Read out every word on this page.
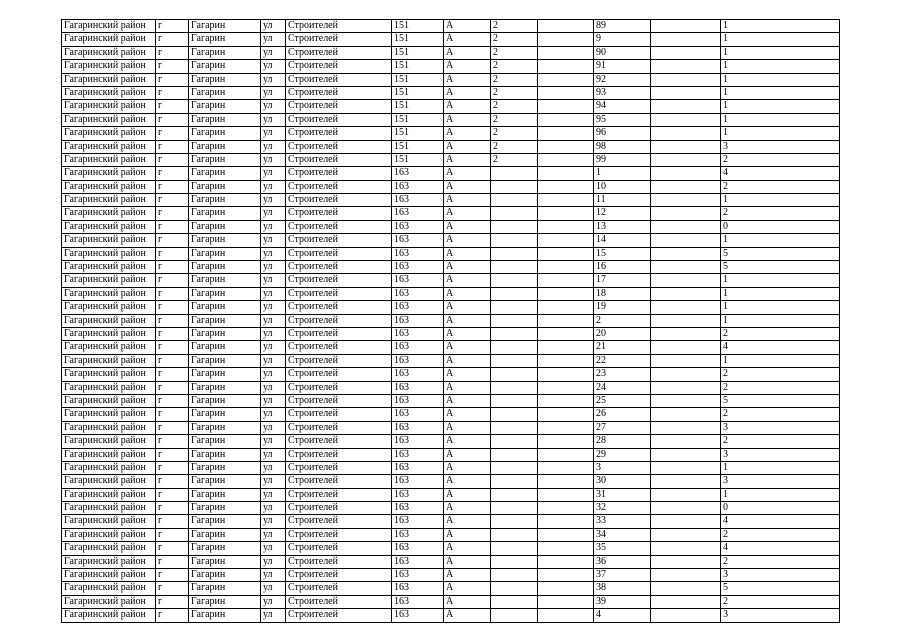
Гагаринский район	г	Гагарин	ул	Строителей	151	А	2		89		1
Гагаринский район	г	Гагарин	ул	Строителей	151	А	2		9		1
Гагаринский район	г	Гагарин	ул	Строителей	151	А	2		90		1
Гагаринский район	г	Гагарин	ул	Строителей	151	А	2		91		1
Гагаринский район	г	Гагарин	ул	Строителей	151	А	2		92		1
Гагаринский район	г	Гагарин	ул	Строителей	151	А	2		93		1
Гагаринский район	г	Гагарин	ул	Строителей	151	А	2		94		1
Гагаринский район	г	Гагарин	ул	Строителей	151	А	2		95		1
Гагаринский район	г	Гагарин	ул	Строителей	151	А	2		96		1
Гагаринский район	г	Гагарин	ул	Строителей	151	А	2		98		3
Гагаринский район	г	Гагарин	ул	Строителей	151	А	2		99		2
Гагаринский район	г	Гагарин	ул	Строителей	163	А			1		4
Гагаринский район	г	Гагарин	ул	Строителей	163	А			10		2
Гагаринский район	г	Гагарин	ул	Строителей	163	А			11		1
Гагаринский район	г	Гагарин	ул	Строителей	163	А			12		2
Гагаринский район	г	Гагарин	ул	Строителей	163	А			13		0
Гагаринский район	г	Гагарин	ул	Строителей	163	А			14		1
Гагаринский район	г	Гагарин	ул	Строителей	163	А			15		5
Гагаринский район	г	Гагарин	ул	Строителей	163	А			16		5
Гагаринский район	г	Гагарин	ул	Строителей	163	А			17		1
Гагаринский район	г	Гагарин	ул	Строителей	163	А			18		1
Гагаринский район	г	Гагарин	ул	Строителей	163	А			19		1
Гагаринский район	г	Гагарин	ул	Строителей	163	А			2		1
Гагаринский район	г	Гагарин	ул	Строителей	163	А			20		2
Гагаринский район	г	Гагарин	ул	Строителей	163	А			21		4
Гагаринский район	г	Гагарин	ул	Строителей	163	А			22		1
Гагаринский район	г	Гагарин	ул	Строителей	163	А			23		2
Гагаринский район	г	Гагарин	ул	Строителей	163	А			24		2
Гагаринский район	г	Гагарин	ул	Строителей	163	А			25		5
Гагаринский район	г	Гагарин	ул	Строителей	163	А			26		2
Гагаринский район	г	Гагарин	ул	Строителей	163	А			27		3
Гагаринский район	г	Гагарин	ул	Строителей	163	А			28		2
Гагаринский район	г	Гагарин	ул	Строителей	163	А			29		3
Гагаринский район	г	Гагарин	ул	Строителей	163	А			3		1
Гагаринский район	г	Гагарин	ул	Строителей	163	А			30		3
Гагаринский район	г	Гагарин	ул	Строителей	163	А			31		1
Гагаринский район	г	Гагарин	ул	Строителей	163	А			32		0
Гагаринский район	г	Гагарин	ул	Строителей	163	А			33		4
Гагаринский район	г	Гагарин	ул	Строителей	163	А			34		2
Гагаринский район	г	Гагарин	ул	Строителей	163	А			35		4
Гагаринский район	г	Гагарин	ул	Строителей	163	А			36		2
Гагаринский район	г	Гагарин	ул	Строителей	163	А			37		3
Гагаринский район	г	Гагарин	ул	Строителей	163	А			38		5
Гагаринский район	г	Гагарин	ул	Строителей	163	А			39		2
Гагаринский район	г	Гагарин	ул	Строителей	163	А			4		3
